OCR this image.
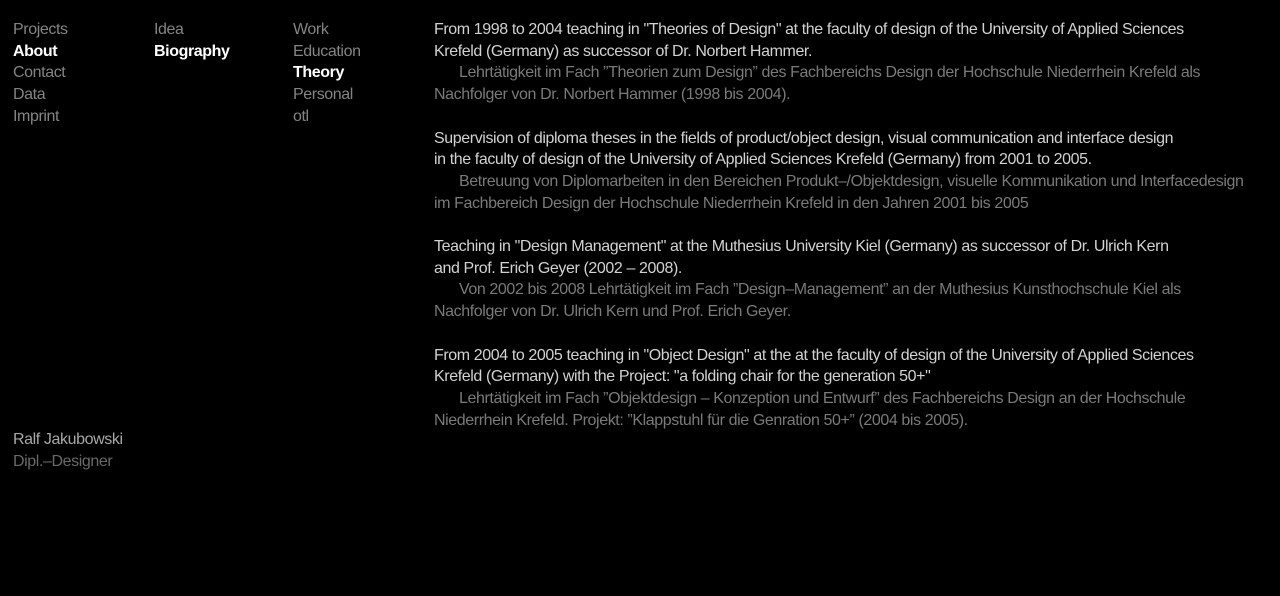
Projects
About
Contact
Data
Imprint
Idea
Biography
Work
Education
Theory
Personal
otl
From 1998 to 2004 teaching in "Theories of Design" at the faculty of design of the University of Applied Sciences
Krefeld (Germany) as successor of Dr. Norbert Hammer.
Lehrtätigkeit im Fach ”Theorien zum Design” des Fachbereichs Design der Hochschule Niederrhein Krefeld als
Nachfolger von Dr. Norbert Hammer (1998 bis 2004).
Supervision of diploma theses in the fields of product/object design, visual communication and interface design
in the faculty of design of the University of Applied Sciences Krefeld (Germany) from 2001 to 2005.
Betreuung von Diplomarbeiten in den Bereichen Produkt–/Objektdesign, visuelle Kommunikation und Interfacedesign
im Fachbereich Design der Hochschule Niederrhein Krefeld in den Jahren 2001 bis 2005
Teaching in "Design Management" at the Muthesius University Kiel (Germany) as successor of Dr. Ulrich Kern
and Prof. Erich Geyer (2002 – 2008).
Von 2002 bis 2008 Lehrtätigkeit im Fach ”Design–Management” an der Muthesius Kunsthochschule Kiel als
Nachfolger von Dr. Ulrich Kern und Prof. Erich Geyer.
From 2004 to 2005 teaching in "Object Design" at the at the faculty of design of the University of Applied Sciences
Krefeld (Germany) with the Project: "a folding chair for the generation 50+"
Lehrtätigkeit im Fach ”Objektdesign – Konzeption und Entwurf” des Fachbereichs Design an der Hochschule
Niederrhein Krefeld. Projekt: ”Klappstuhl für die Genration 50+” (2004 bis 2005).
Ralf Jakubowski
Dipl.–Designer
